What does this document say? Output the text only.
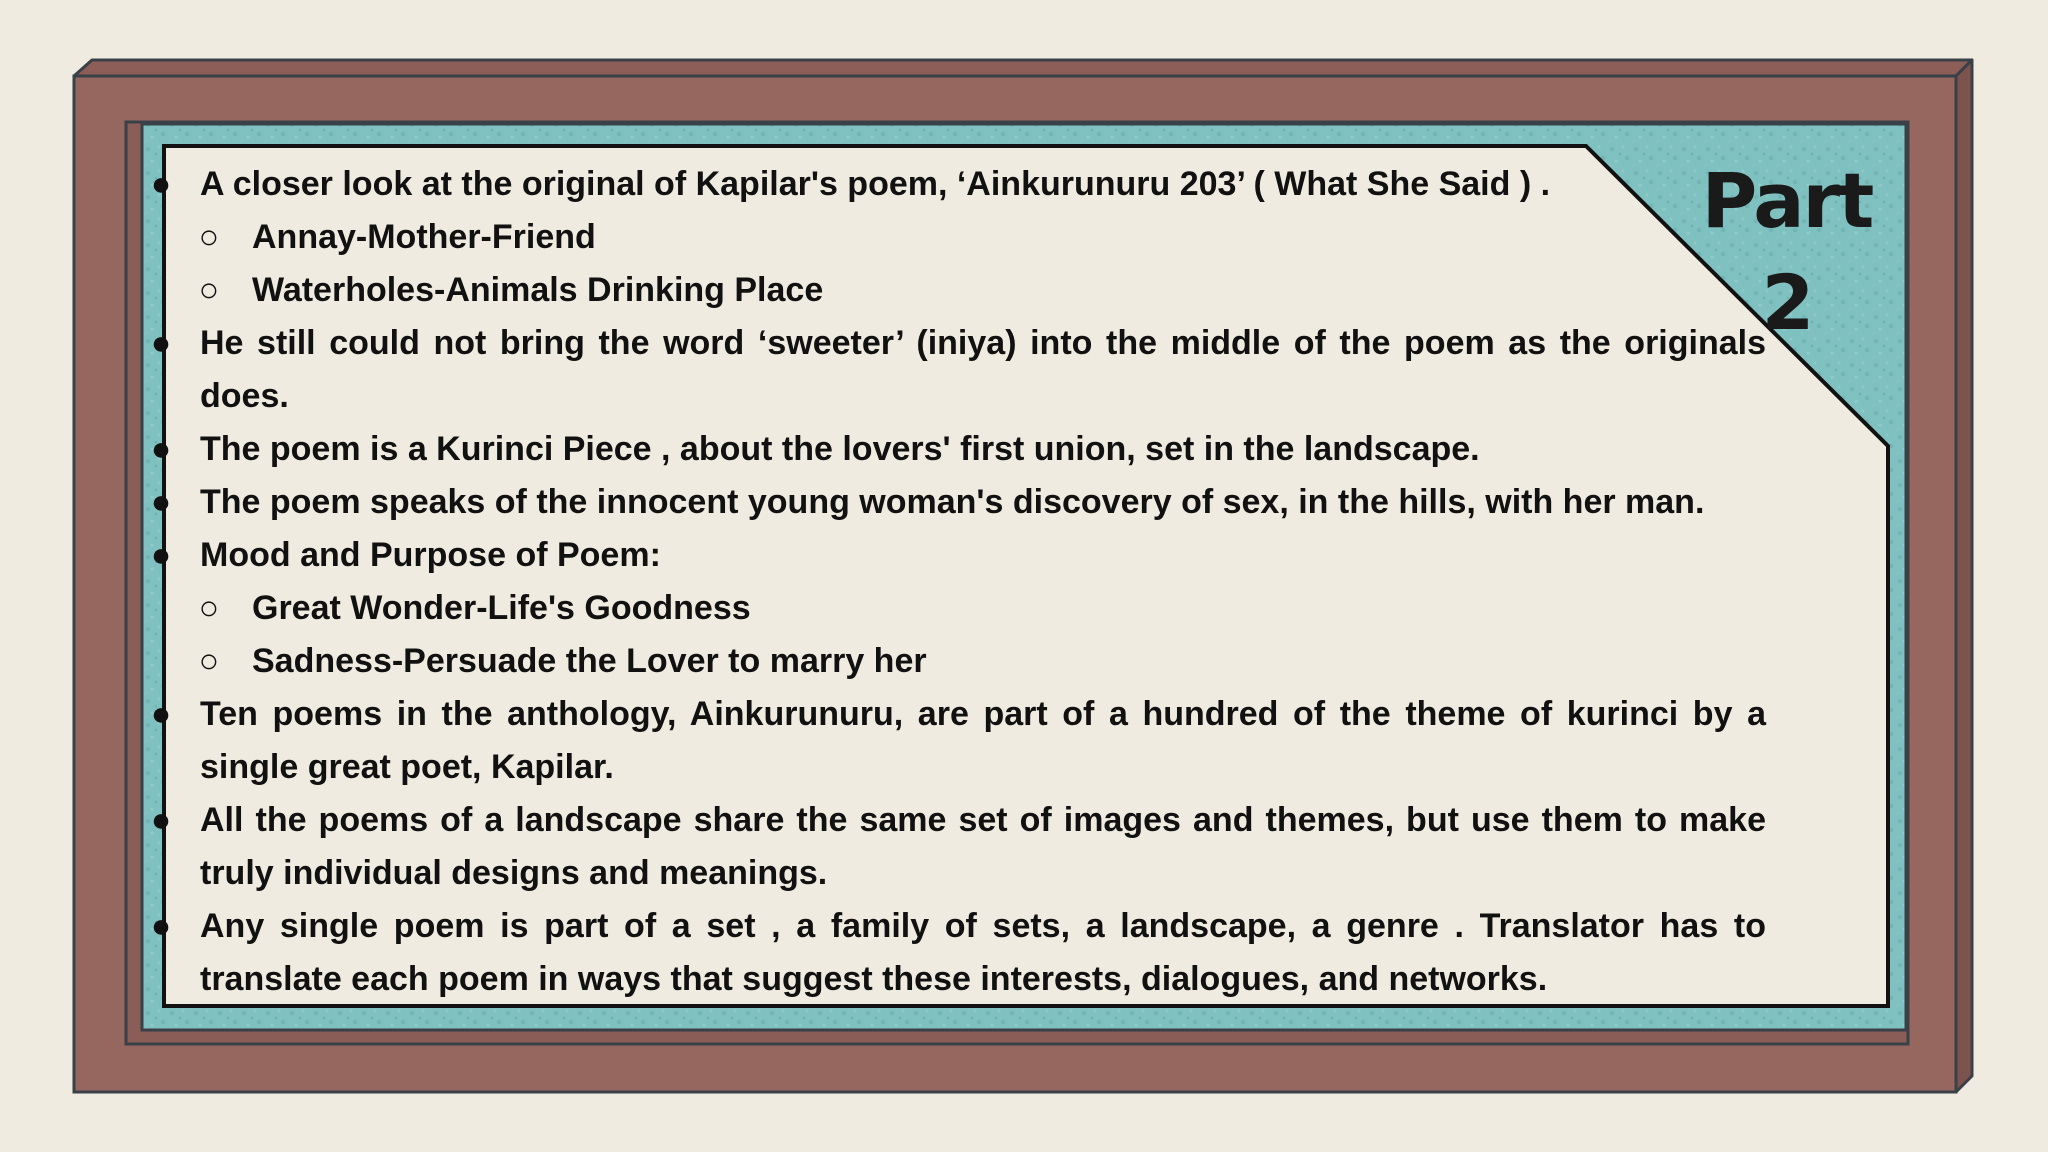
Part
2
● A closer look at the original of Kapilar's poem, ‘Ainkurunuru 203’ ( What She Said ) .
○ Annay-Mother-Friend
○ Waterholes-Animals Drinking Place
● He still could not bring the word ‘sweeter’ (iniya) into the middle of the poem as the originals does.
● The poem is a Kurinci Piece , about the lovers' first union, set in the landscape.
● The poem speaks of the innocent young woman's discovery of sex, in the hills, with her man.
● Mood and Purpose of Poem:
○ Great Wonder-Life's Goodness
○ Sadness-Persuade the Lover to marry her
● Ten poems in the anthology, Ainkurunuru, are part of a hundred of the theme of kurinci by a single great poet, Kapilar.
● All the poems of a landscape share the same set of images and themes, but use them to make truly individual designs and meanings.
● Any single poem is part of a set , a family of sets, a landscape, a genre . Translator has to translate each poem in ways that suggest these interests, dialogues, and networks.
